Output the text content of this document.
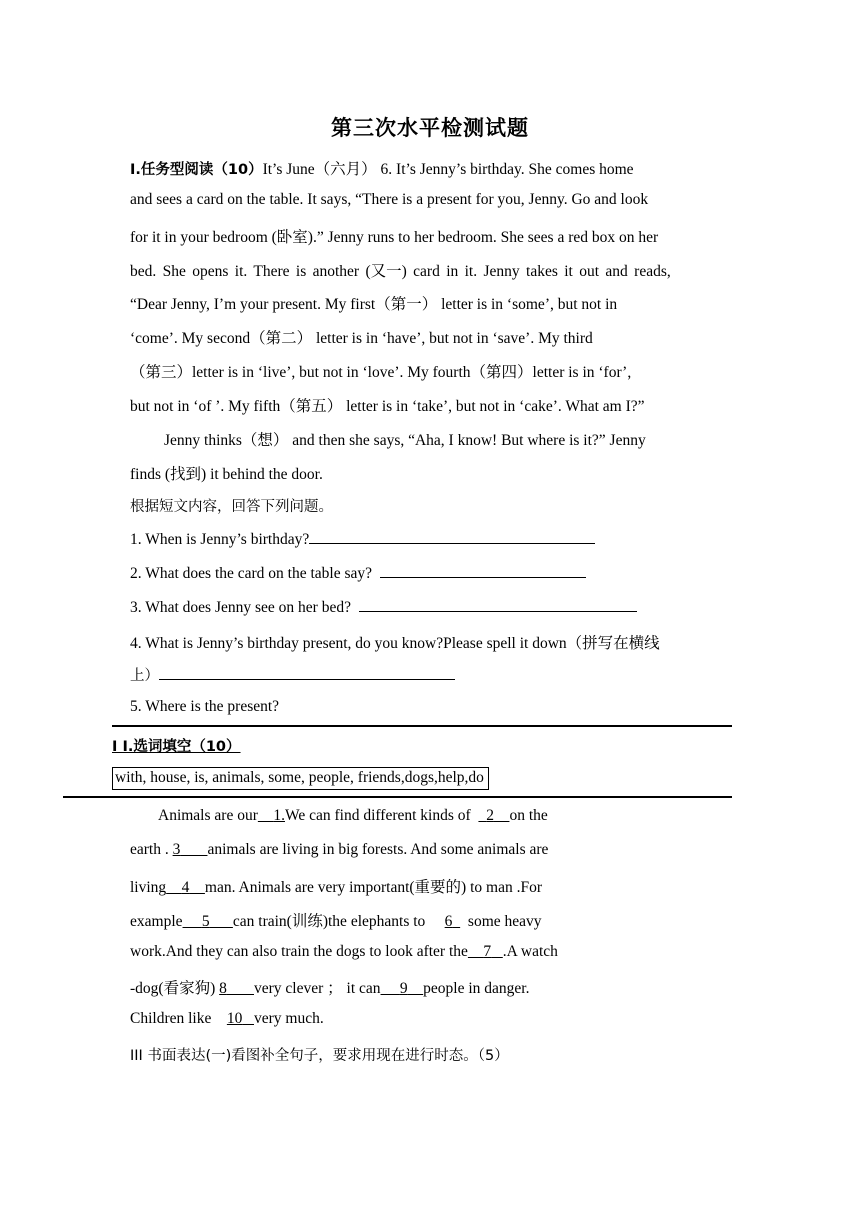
第三次水平检测试题
I.任务型阅读（10）It’s June（六月） 6. It’s Jenny’s birthday. She comes home
and sees a card on the table. It says, “There is a present for you, Jenny. Go and look
for it in your bedroom (卧室).” Jenny runs to her bedroom. She sees a red box on her
bed. She opens it. There is another (又一) card in it. Jenny takes it out and reads,
“Dear Jenny, I’m your present. My first（第一） letter is in ‘some’, but not in
‘come’. My second（第二） letter is in ‘have’, but not in ‘save’. My third
（第三）letter is in ‘live’, but not in ‘love’. My fourth（第四）letter is in ‘for’,
but not in ‘of ’. My fifth（第五） letter is in ‘take’, but not in ‘cake’. What am I?”
Jenny thinks（想） and then she says, “Aha, I know! But where is it?” Jenny
finds (找到) it behind the door.
根据短文内容，回答下列问题。
1. When is Jenny’s birthday?
2. What does the card on the table say?
3. What does Jenny see on her bed?
4. What is Jenny’s birthday present, do you know?Please spell it down（拼写在横线
上）
5. Where is the present?
I I.选词填空（10）
with, house, is, animals, some, people, friends,dogs,help,do
Animals are our 1.We can find different kinds of 2 on the
earth . 3 animals are living in big forests. And some animals are
living 4 man. Animals are very important(重要的) to man .For
example 5 can train(训练)the elephants to 6 some heavy
work.And they can also train the dogs to look after the 7 .A watch
-dog(看家狗) 8 very clever ； it can 9 people in danger.
Children like 10 very much.
III 书面表达(一)看图补全句子，要求用现在进行时态。（5）
